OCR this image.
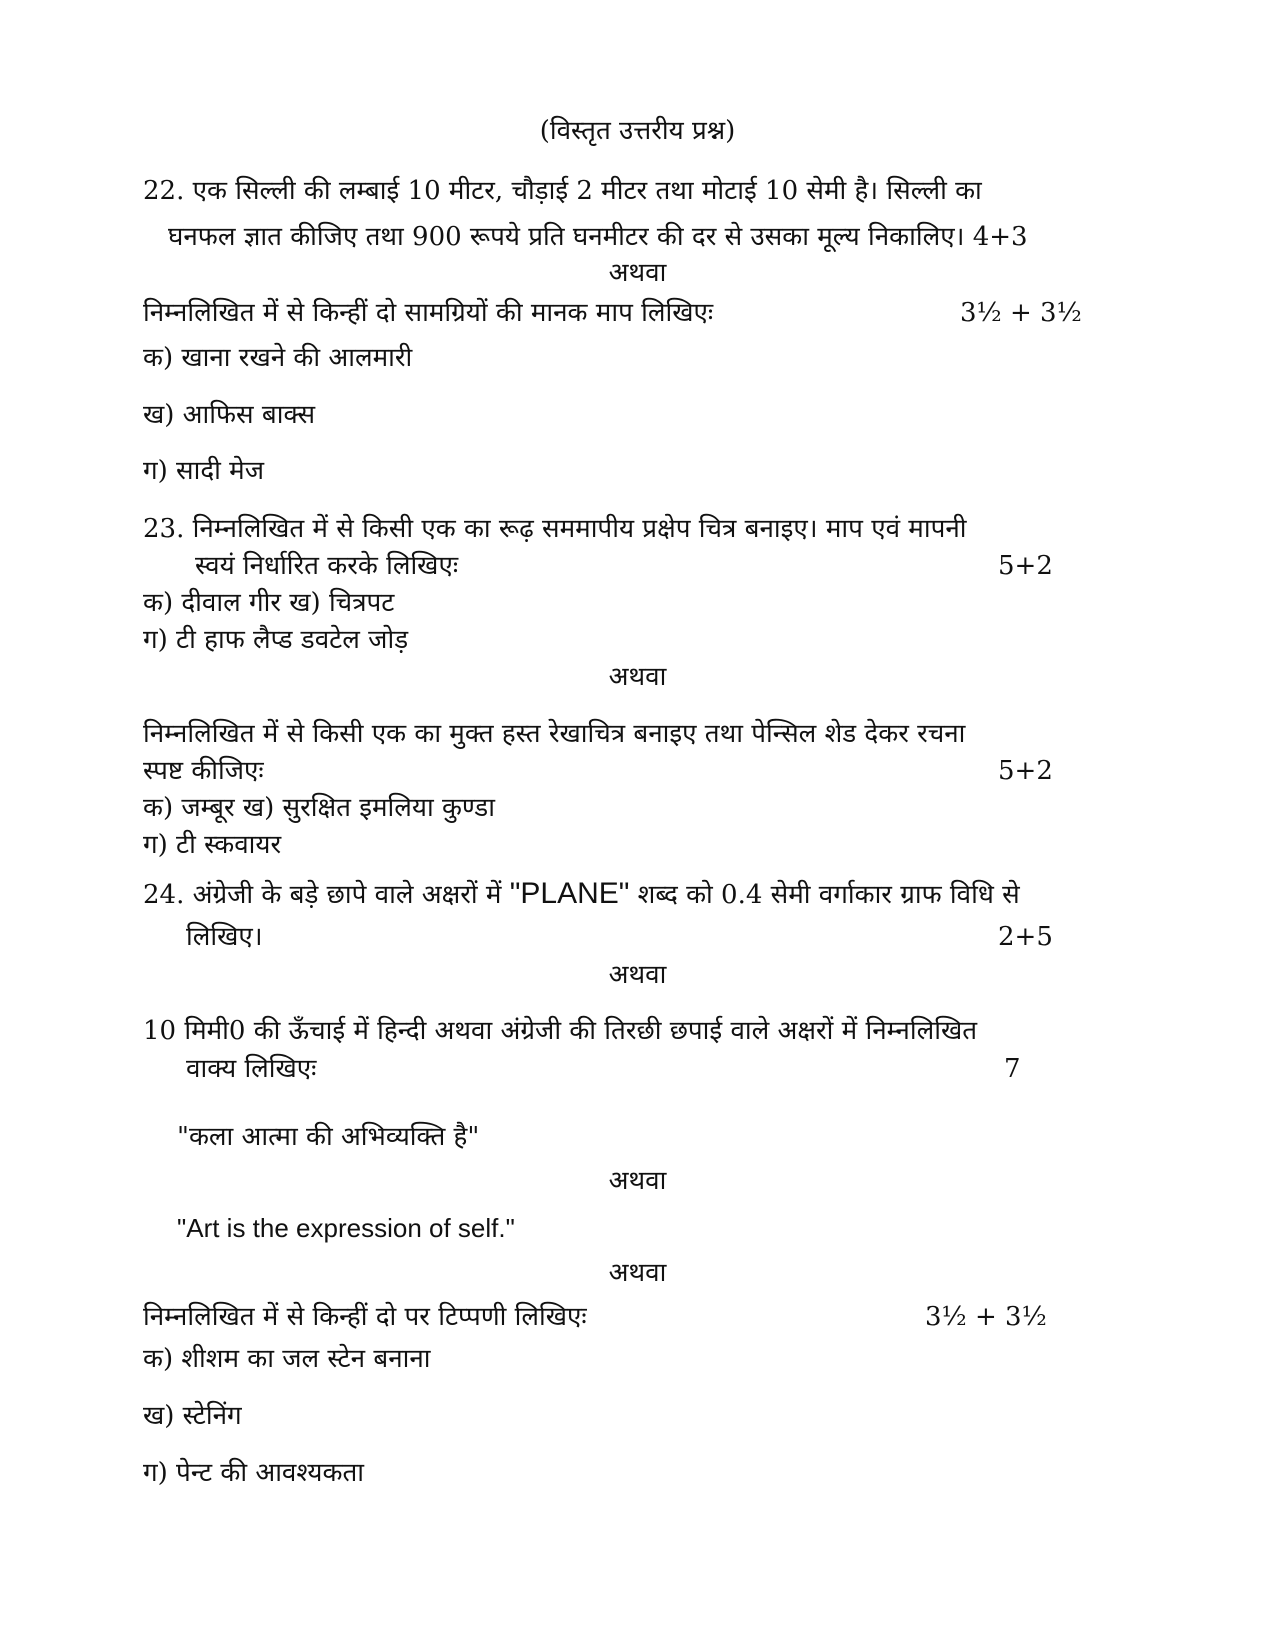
(विस्तृत उत्तरीय प्रश्न)
22. एक सिल्ली की लम्बाई 10 मीटर, चौड़ाई 2 मीटर तथा मोटाई 10 सेमी है। सिल्ली का
घनफल ज्ञात कीजिए तथा 900 रूपये प्रति घनमीटर की दर से उसका मूल्य निकालिए। 4+3
अथवा
निम्नलिखित में से किन्हीं दो सामग्रियों की मानक माप लिखिएः	3½ + 3½
क) खाना रखने की आलमारी
ख) आफिस बाक्स
ग) सादी मेज
23. निम्नलिखित में से किसी एक का रूढ़ सममापीय प्रक्षेप चित्र बनाइए। माप एवं मापनी
स्वयं निर्धारित करके लिखिएः	5+2
क) दीवाल गीर ख) चित्रपट
ग) टी हाफ लैप्ड डवटेल जोड़
अथवा
निम्नलिखित में से किसी एक का मुक्त हस्त रेखाचित्र बनाइए तथा पेन्सिल शेड देकर रचना
स्पष्ट कीजिएः	5+2
क) जम्बूर ख) सुरक्षित इमलिया कुण्डा
ग) टी स्कवायर
24. अंग्रेजी के बड़े छापे वाले अक्षरों में "PLANE" शब्द को 0.4 सेमी वर्गाकार ग्राफ विधि से
लिखिए।	2+5
अथवा
10 मिमी0 की ऊँचाई में हिन्दी अथवा अंग्रेजी की तिरछी छपाई वाले अक्षरों में निम्नलिखित
वाक्य लिखिएः	7
"कला आत्मा की अभिव्यक्ति है"
अथवा
"Art is the expression of self."
अथवा
निम्नलिखित में से किन्हीं दो पर टिप्पणी लिखिएः	3½ + 3½
क) शीशम का जल स्टेन बनाना
ख) स्टेनिंग
ग) पेन्ट की आवश्यकता
